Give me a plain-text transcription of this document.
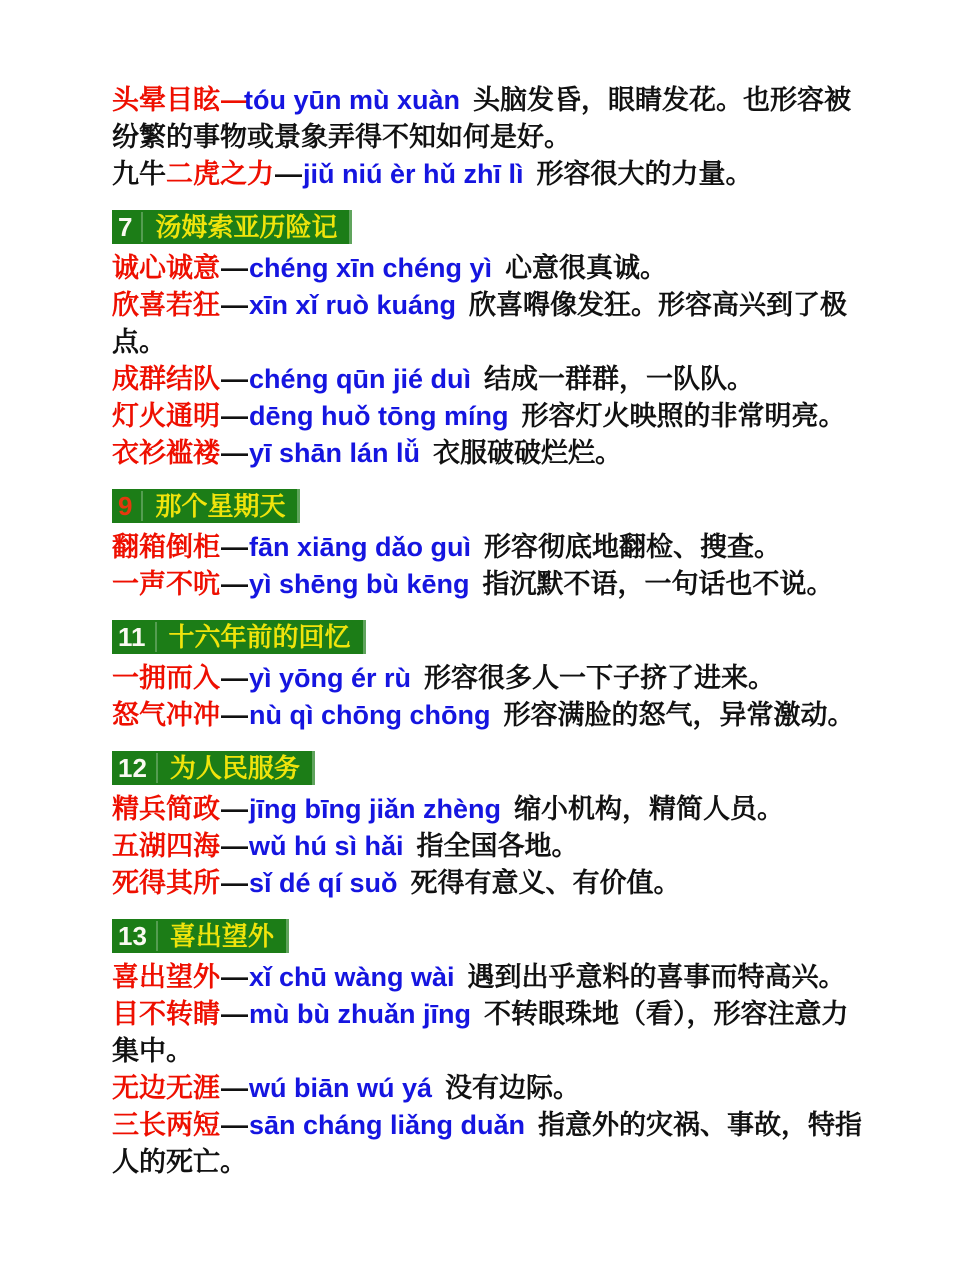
头晕目眩—tóu yūn mù xuàn 头脑发昏，眼睛发花。也形容被纷繁的事物或景象弄得不知如何是好。

九牛二虎之力—jiǔ niú èr hǔ zhī lì 形容很大的力量。

7 汤姆索亚历险记

诚心诚意—chéng xīn chéng yì 心意很真诚。

欣喜若狂—xīn xǐ ruò kuáng 欣喜嘚像发狂。形容高兴到了极点。

成群结队—chéng qūn jié duì 结成一群群，一队队。

灯火通明—dēng huǒ tōng míng 形容灯火映照的非常明亮。

衣衫褴褛—yī shān lán lǚ 衣服破破烂烂。

9 那个星期天

翻箱倒柜—fān xiāng dǎo guì 形容彻底地翻检、搜查。

一声不吭—yì shēng bù kēng 指沉默不语，一句话也不说。

11 十六年前的回忆

一拥而入—yì yōng ér rù 形容很多人一下子挤了进来。

怒气冲冲—nù qì chōng chōng 形容满脸的怒气，异常激动。

12 为人民服务

精兵简政—jīng bīng jiǎn zhèng 缩小机构，精简人员。

五湖四海—wǔ hú sì hǎi 指全国各地。

死得其所—sǐ dé qí suǒ 死得有意义、有价值。

13 喜出望外

喜出望外—xǐ chū wàng wài 遇到出乎意料的喜事而特高兴。

目不转睛—mù bù zhuǎn jīng 不转眼珠地（看），形容注意力集中。

无边无涯—wú biān wú yá 没有边际。

三长两短—sān cháng liǎng duǎn 指意外的灾祸、事故，特指人的死亡。
